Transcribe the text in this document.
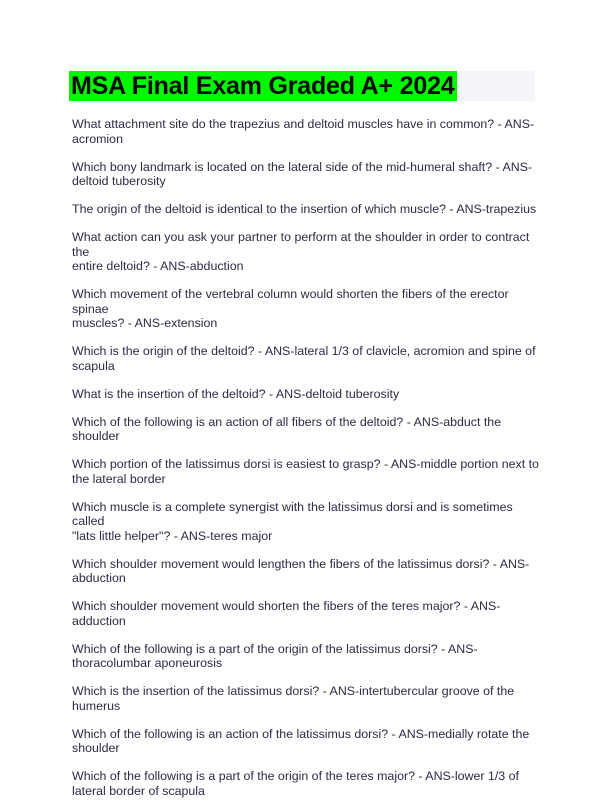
MSA Final Exam Graded A+ 2024

What attachment site do the trapezius and deltoid muscles have in common? - ANS-
acromion

Which bony landmark is located on the lateral side of the mid-humeral shaft? - ANS-
deltoid tuberosity

The origin of the deltoid is identical to the insertion of which muscle? - ANS-trapezius

What action can you ask your partner to perform at the shoulder in order to contract the
entire deltoid? - ANS-abduction

Which movement of the vertebral column would shorten the fibers of the erector spinae
muscles? - ANS-extension

Which is the origin of the deltoid? - ANS-lateral 1/3 of clavicle, acromion and spine of
scapula

What is the insertion of the deltoid? - ANS-deltoid tuberosity

Which of the following is an action of all fibers of the deltoid? - ANS-abduct the shoulder

Which portion of the latissimus dorsi is easiest to grasp? - ANS-middle portion next to
the lateral border

Which muscle is a complete synergist with the latissimus dorsi and is sometimes called
"lats little helper"? - ANS-teres major

Which shoulder movement would lengthen the fibers of the latissimus dorsi? - ANS-
abduction

Which shoulder movement would shorten the fibers of the teres major? - ANS-adduction

Which of the following is a part of the origin of the latissimus dorsi? - ANS-
thoracolumbar aponeurosis

Which is the insertion of the latissimus dorsi? - ANS-intertubercular groove of the
humerus

Which of the following is an action of the latissimus dorsi? - ANS-medially rotate the
shoulder

Which of the following is a part of the origin of the teres major? - ANS-lower 1/3 of
lateral border of scapula
